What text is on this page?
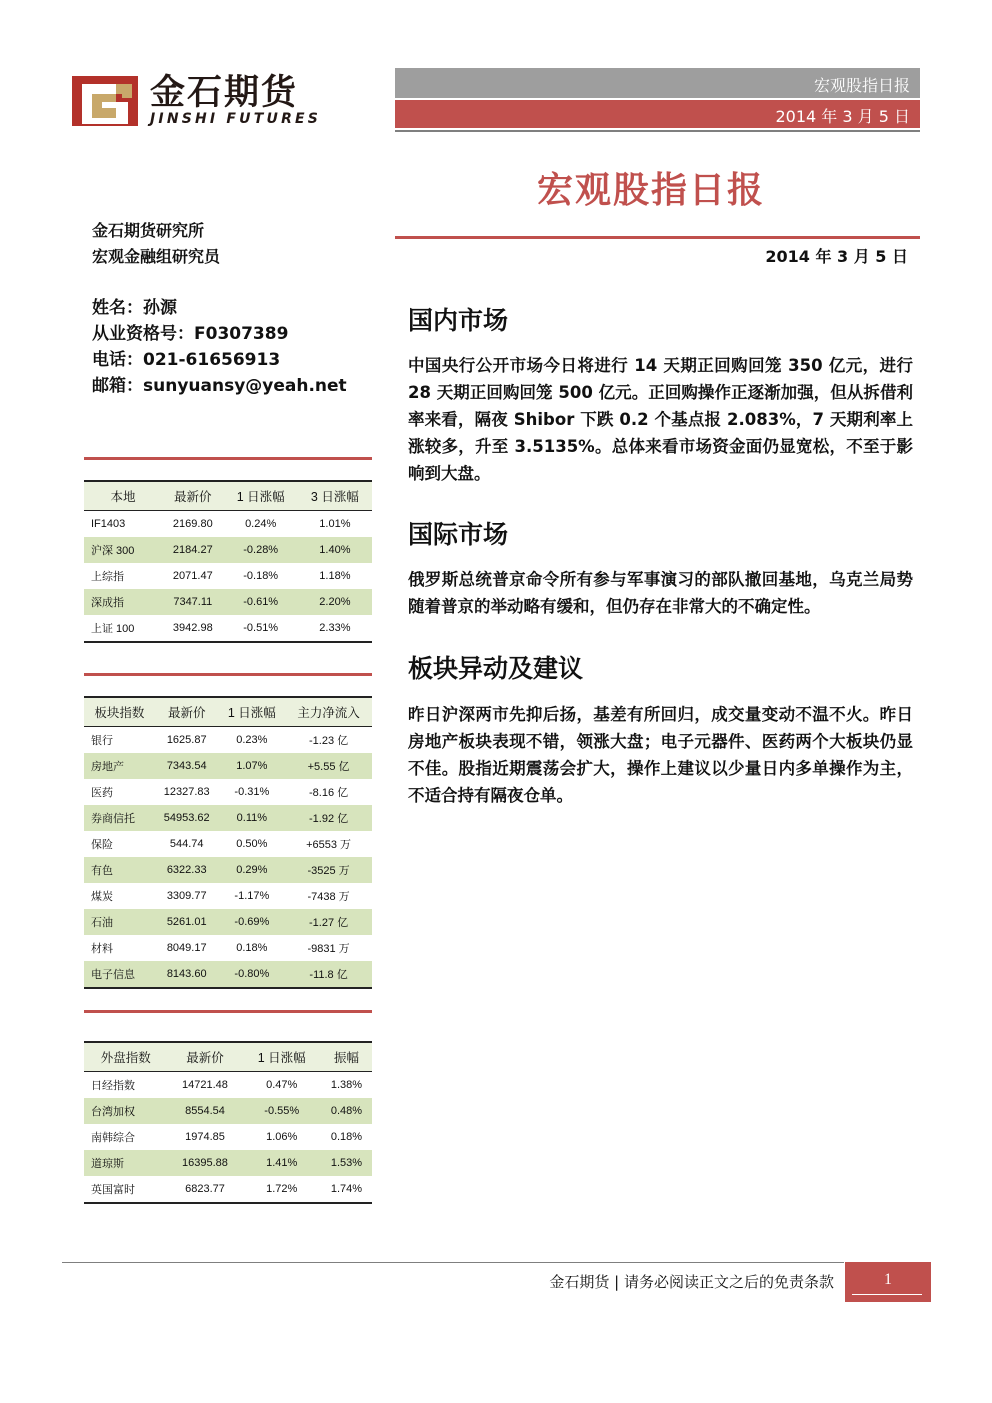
金石期货
JINSHI FUTURES
宏观股指日报
2014 年 3 月 5 日
宏观股指日报
2014 年 3 月 5 日
金石期货研究所
宏观金融组研究员
姓名：孙源
从业资格号：F0307389
电话：021-61656913
邮箱：sunyuansy@yeah.net
国内市场
中国央行公开市场今日将进行 14 天期正回购回笼 350 亿元，进行 28 天期正回购回笼 500 亿元。正回购操作正逐渐加强，但从拆借利率来看，隔夜 Shibor 下跌 0.2 个基点报 2.083%，7 天期利率上涨较多，升至 3.5135%。总体来看市场资金面仍显宽松，不至于影响到大盘。
国际市场
俄罗斯总统普京命令所有参与军事演习的部队撤回基地，乌克兰局势随着普京的举动略有缓和，但仍存在非常大的不确定性。
板块异动及建议
昨日沪深两市先抑后扬，基差有所回归，成交量变动不温不火。昨日房地产板块表现不错，领涨大盘；电子元器件、医药两个大板块仍显不佳。股指近期震荡会扩大，操作上建议以少量日内多单操作为主，不适合持有隔夜仓单。
本地	最新价	1 日涨幅	3 日涨幅
IF1403	2169.80	0.24%	1.01%
沪深 300	2184.27	-0.28%	1.40%
上综指	2071.47	-0.18%	1.18%
深成指	7347.11	-0.61%	2.20%
上证 100	3942.98	-0.51%	2.33%
板块指数	最新价	1 日涨幅	主力净流入
银行	1625.87	0.23%	-1.23 亿
房地产	7343.54	1.07%	+5.55 亿
医药	12327.83	-0.31%	-8.16 亿
券商信托	54953.62	0.11%	-1.92 亿
保险	544.74	0.50%	+6553 万
有色	6322.33	0.29%	-3525 万
煤炭	3309.77	-1.17%	-7438 万
石油	5261.01	-0.69%	-1.27 亿
材料	8049.17	0.18%	-9831 万
电子信息	8143.60	-0.80%	-11.8 亿
外盘指数	最新价	1 日涨幅	振幅
日经指数	14721.48	0.47%	1.38%
台湾加权	8554.54	-0.55%	0.48%
南韩综合	1974.85	1.06%	0.18%
道琼斯	16395.88	1.41%	1.53%
英国富时	6823.77	1.72%	1.74%
金石期货 | 请务必阅读正文之后的免责条款	1
